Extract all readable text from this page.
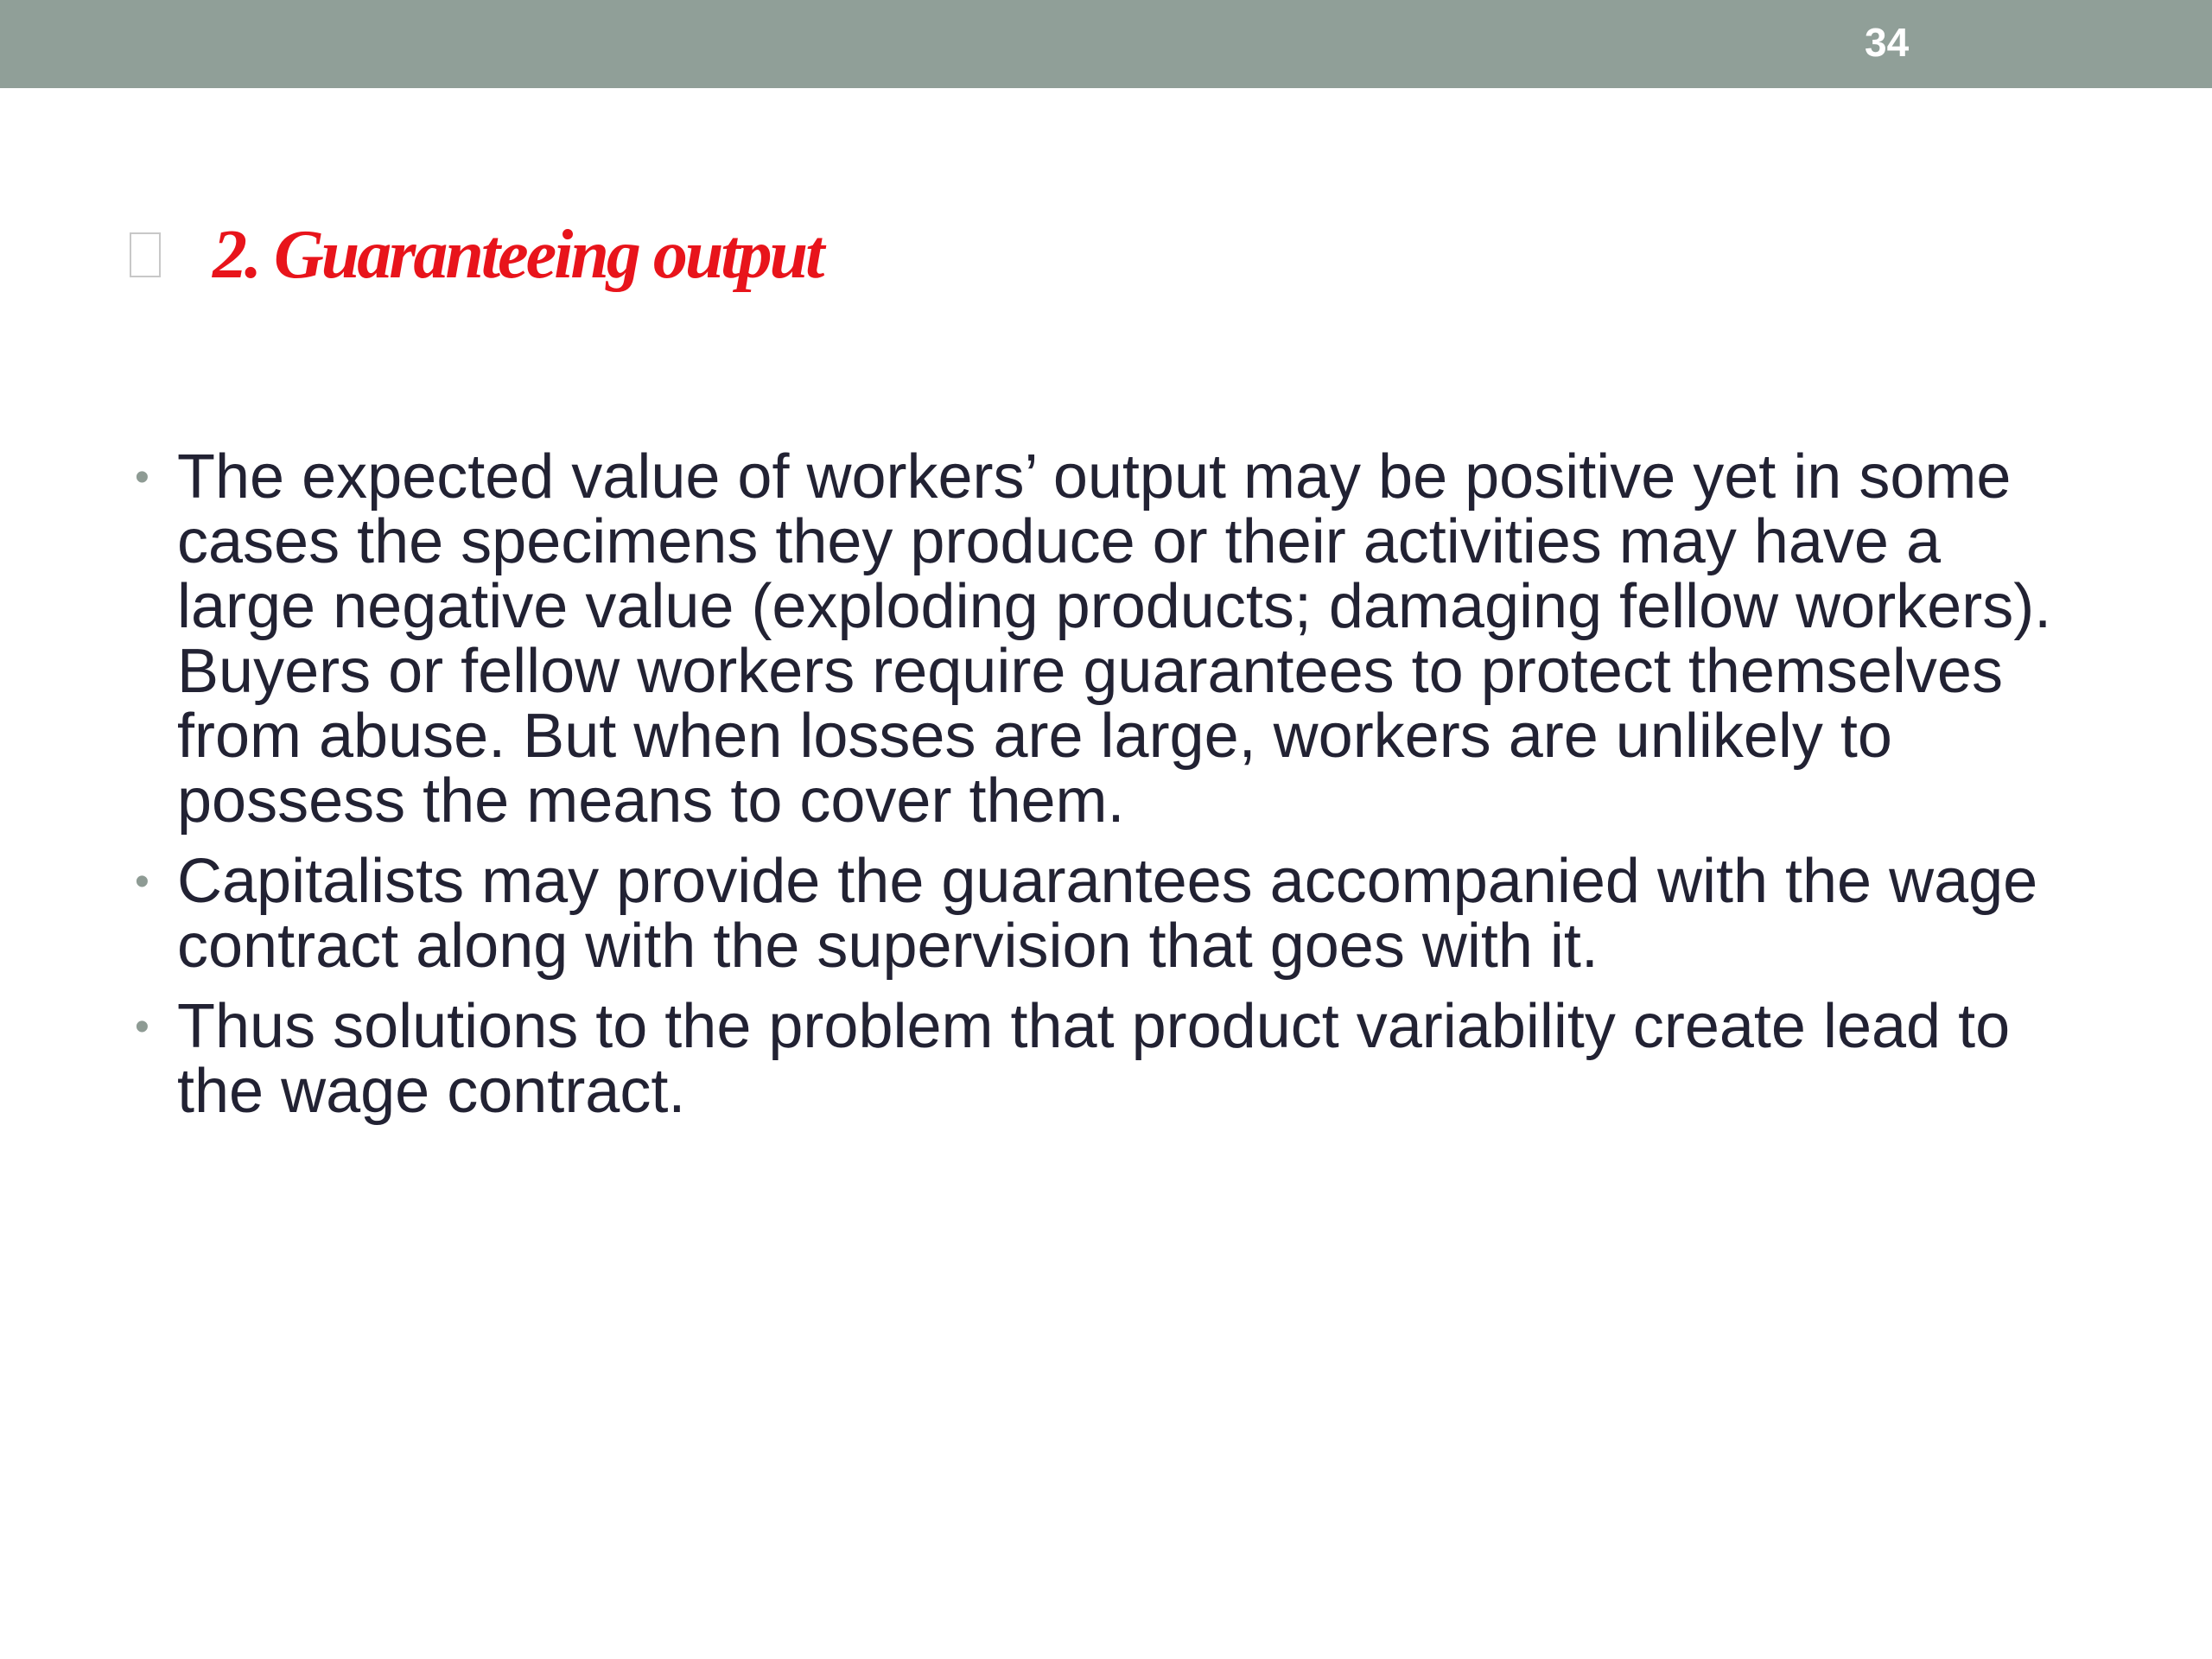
34
2. Guaranteeing output
• The expected value of workers’ output may be positive yet in some cases the specimens they produce or their activities may have a large negative value (exploding products; damaging fellow workers). Buyers or fellow workers require guarantees to protect themselves from abuse. But when losses are large, workers are unlikely to possess the means to cover them.
• Capitalists may provide the guarantees accompanied with the wage contract along with the supervision that goes with it.
• Thus solutions to the problem that product variability create lead to the wage contract.
